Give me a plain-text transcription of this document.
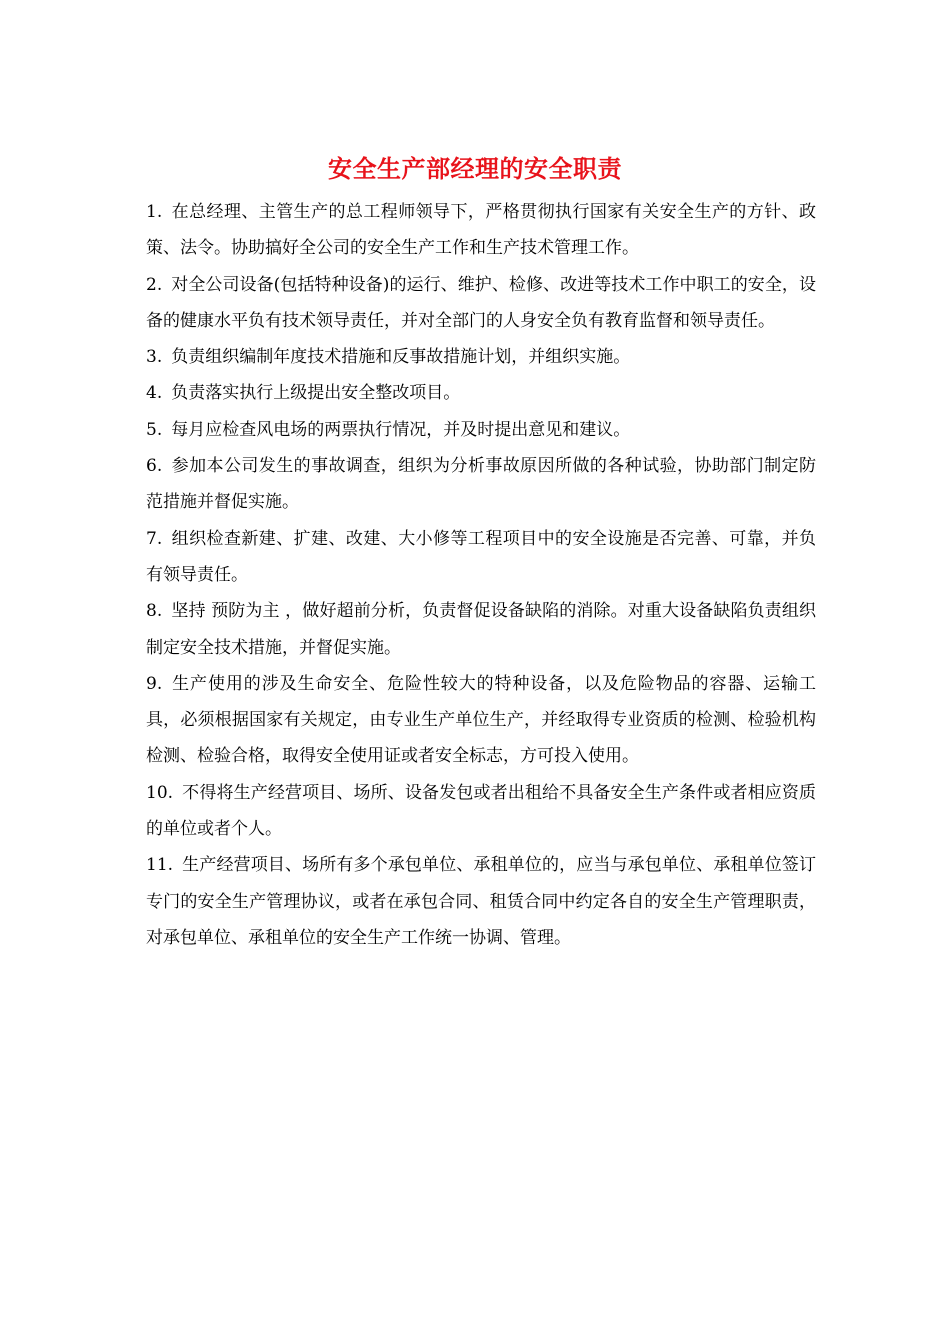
安全生产部经理的安全职责

1. 在总经理、主管生产的总工程师领导下，严格贯彻执行国家有关安全生产的方针、政策、法令。协助搞好全公司的安全生产工作和生产技术管理工作。

2. 对全公司设备(包括特种设备)的运行、维护、检修、改进等技术工作中职工的安全，设备的健康水平负有技术领导责任，并对全部门的人身安全负有教育监督和领导责任。

3. 负责组织编制年度技术措施和反事故措施计划，并组织实施。

4. 负责落实执行上级提出安全整改项目。

5. 每月应检查风电场的两票执行情况，并及时提出意见和建议。

6. 参加本公司发生的事故调查，组织为分析事故原因所做的各种试验，协助部门制定防范措施并督促实施。

7. 组织检查新建、扩建、改建、大小修等工程项目中的安全设施是否完善、可靠，并负有领导责任。

8. 坚持 预防为主 ，做好超前分析，负责督促设备缺陷的消除。对重大设备缺陷负责组织制定安全技术措施，并督促实施。

9. 生产使用的涉及生命安全、危险性较大的特种设备，以及危险物品的容器、运输工具，必须根据国家有关规定，由专业生产单位生产，并经取得专业资质的检测、检验机构检测、检验合格，取得安全使用证或者安全标志，方可投入使用。

10. 不得将生产经营项目、场所、设备发包或者出租给不具备安全生产条件或者相应资质的单位或者个人。

11. 生产经营项目、场所有多个承包单位、承租单位的，应当与承包单位、承租单位签订专门的安全生产管理协议，或者在承包合同、租赁合同中约定各自的安全生产管理职责，对承包单位、承租单位的安全生产工作统一协调、管理。
